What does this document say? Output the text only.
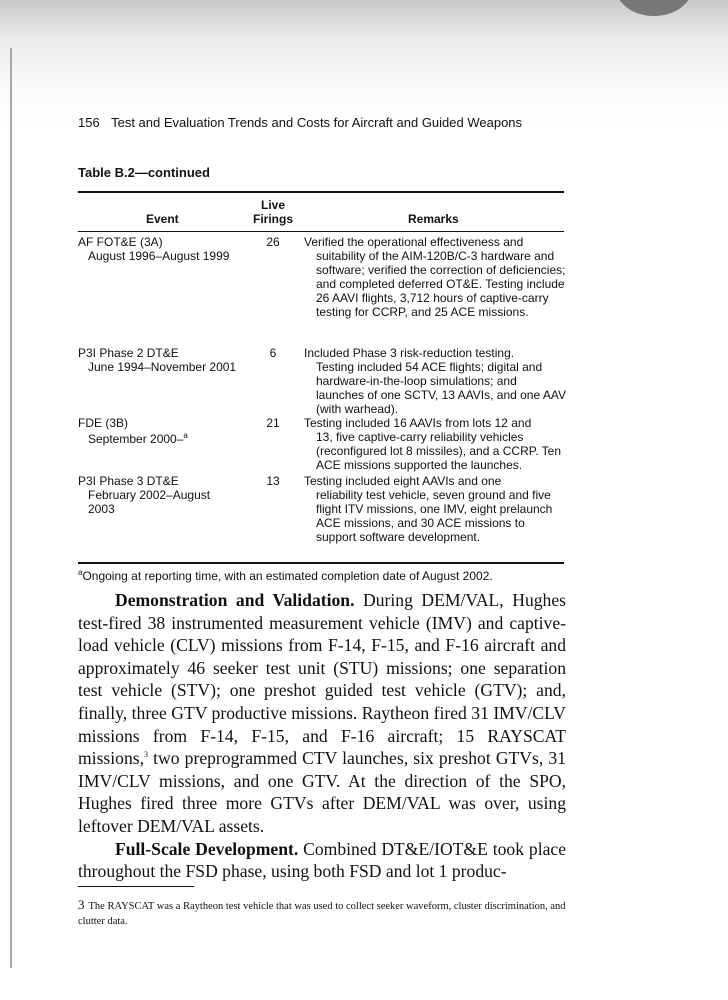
156 Test and Evaluation Trends and Costs for Aircraft and Guided Weapons
Table B.2—continued
Event
Live Firings	Remarks
AF FOT&E (3A)
August 1996–August 1999
26	Verified the operational effectiveness and
suitability of the AIM-120B/C-3 hardware and software; verified the correction of deficiencies; and completed deferred OT&E. Testing include 26 AAVI flights, 3,712 hours of captive-carry testing for CCRP, and 25 ACE missions.
P3I Phase 2 DT&E
June 1994–November 2001
6	Included Phase 3 risk-reduction testing.
Testing included 54 ACE flights; digital and hardware-in-the-loop simulations; and launches of one SCTV, 13 AAVIs, and one AAV (with warhead).
FDE (3B)
September 2000–$^a$
21	Testing included 16 AAVIs from lots 12 and
13, five captive-carry reliability vehicles (reconfigured lot 8 missiles), and a CCRP. Ten ACE missions supported the launches.
P3I Phase 3 DT&E
February 2002–August 2003
13	Testing included eight AAVIs and one
reliability test vehicle, seven ground and five flight ITV missions, one IMV, eight prelaunch ACE missions, and 30 ACE missions to support software development.
$^a$Ongoing at reporting time, with an estimated completion date of August 2002.

Demonstration and Validation. During DEM/VAL, Hughes test-fired 38 instrumented measurement vehicle (IMV) and captive-load vehicle (CLV) missions from F-14, F-15, and F-16 aircraft and approximately 46 seeker test unit (STU) missions; one separation test vehicle (STV); one preshot guided test vehicle (GTV); and, finally, three GTV productive missions. Raytheon fired 31 IMV/CLV missions from F-14, F-15, and F-16 aircraft; 15 RAYSCAT missions,$^3$ two preprogrammed CTV launches, six preshot GTVs, 31 IMV/CLV missions, and one GTV. At the direction of the SPO, Hughes fired three more GTVs after DEM/VAL was over, using leftover DEM/VAL assets.

Full-Scale Development. Combined DT&E/IOT&E took place throughout the FSD phase, using both FSD and lot 1 produc-

3 The RAYSCAT was a Raytheon test vehicle that was used to collect seeker waveform, cluster discrimination, and clutter data.
